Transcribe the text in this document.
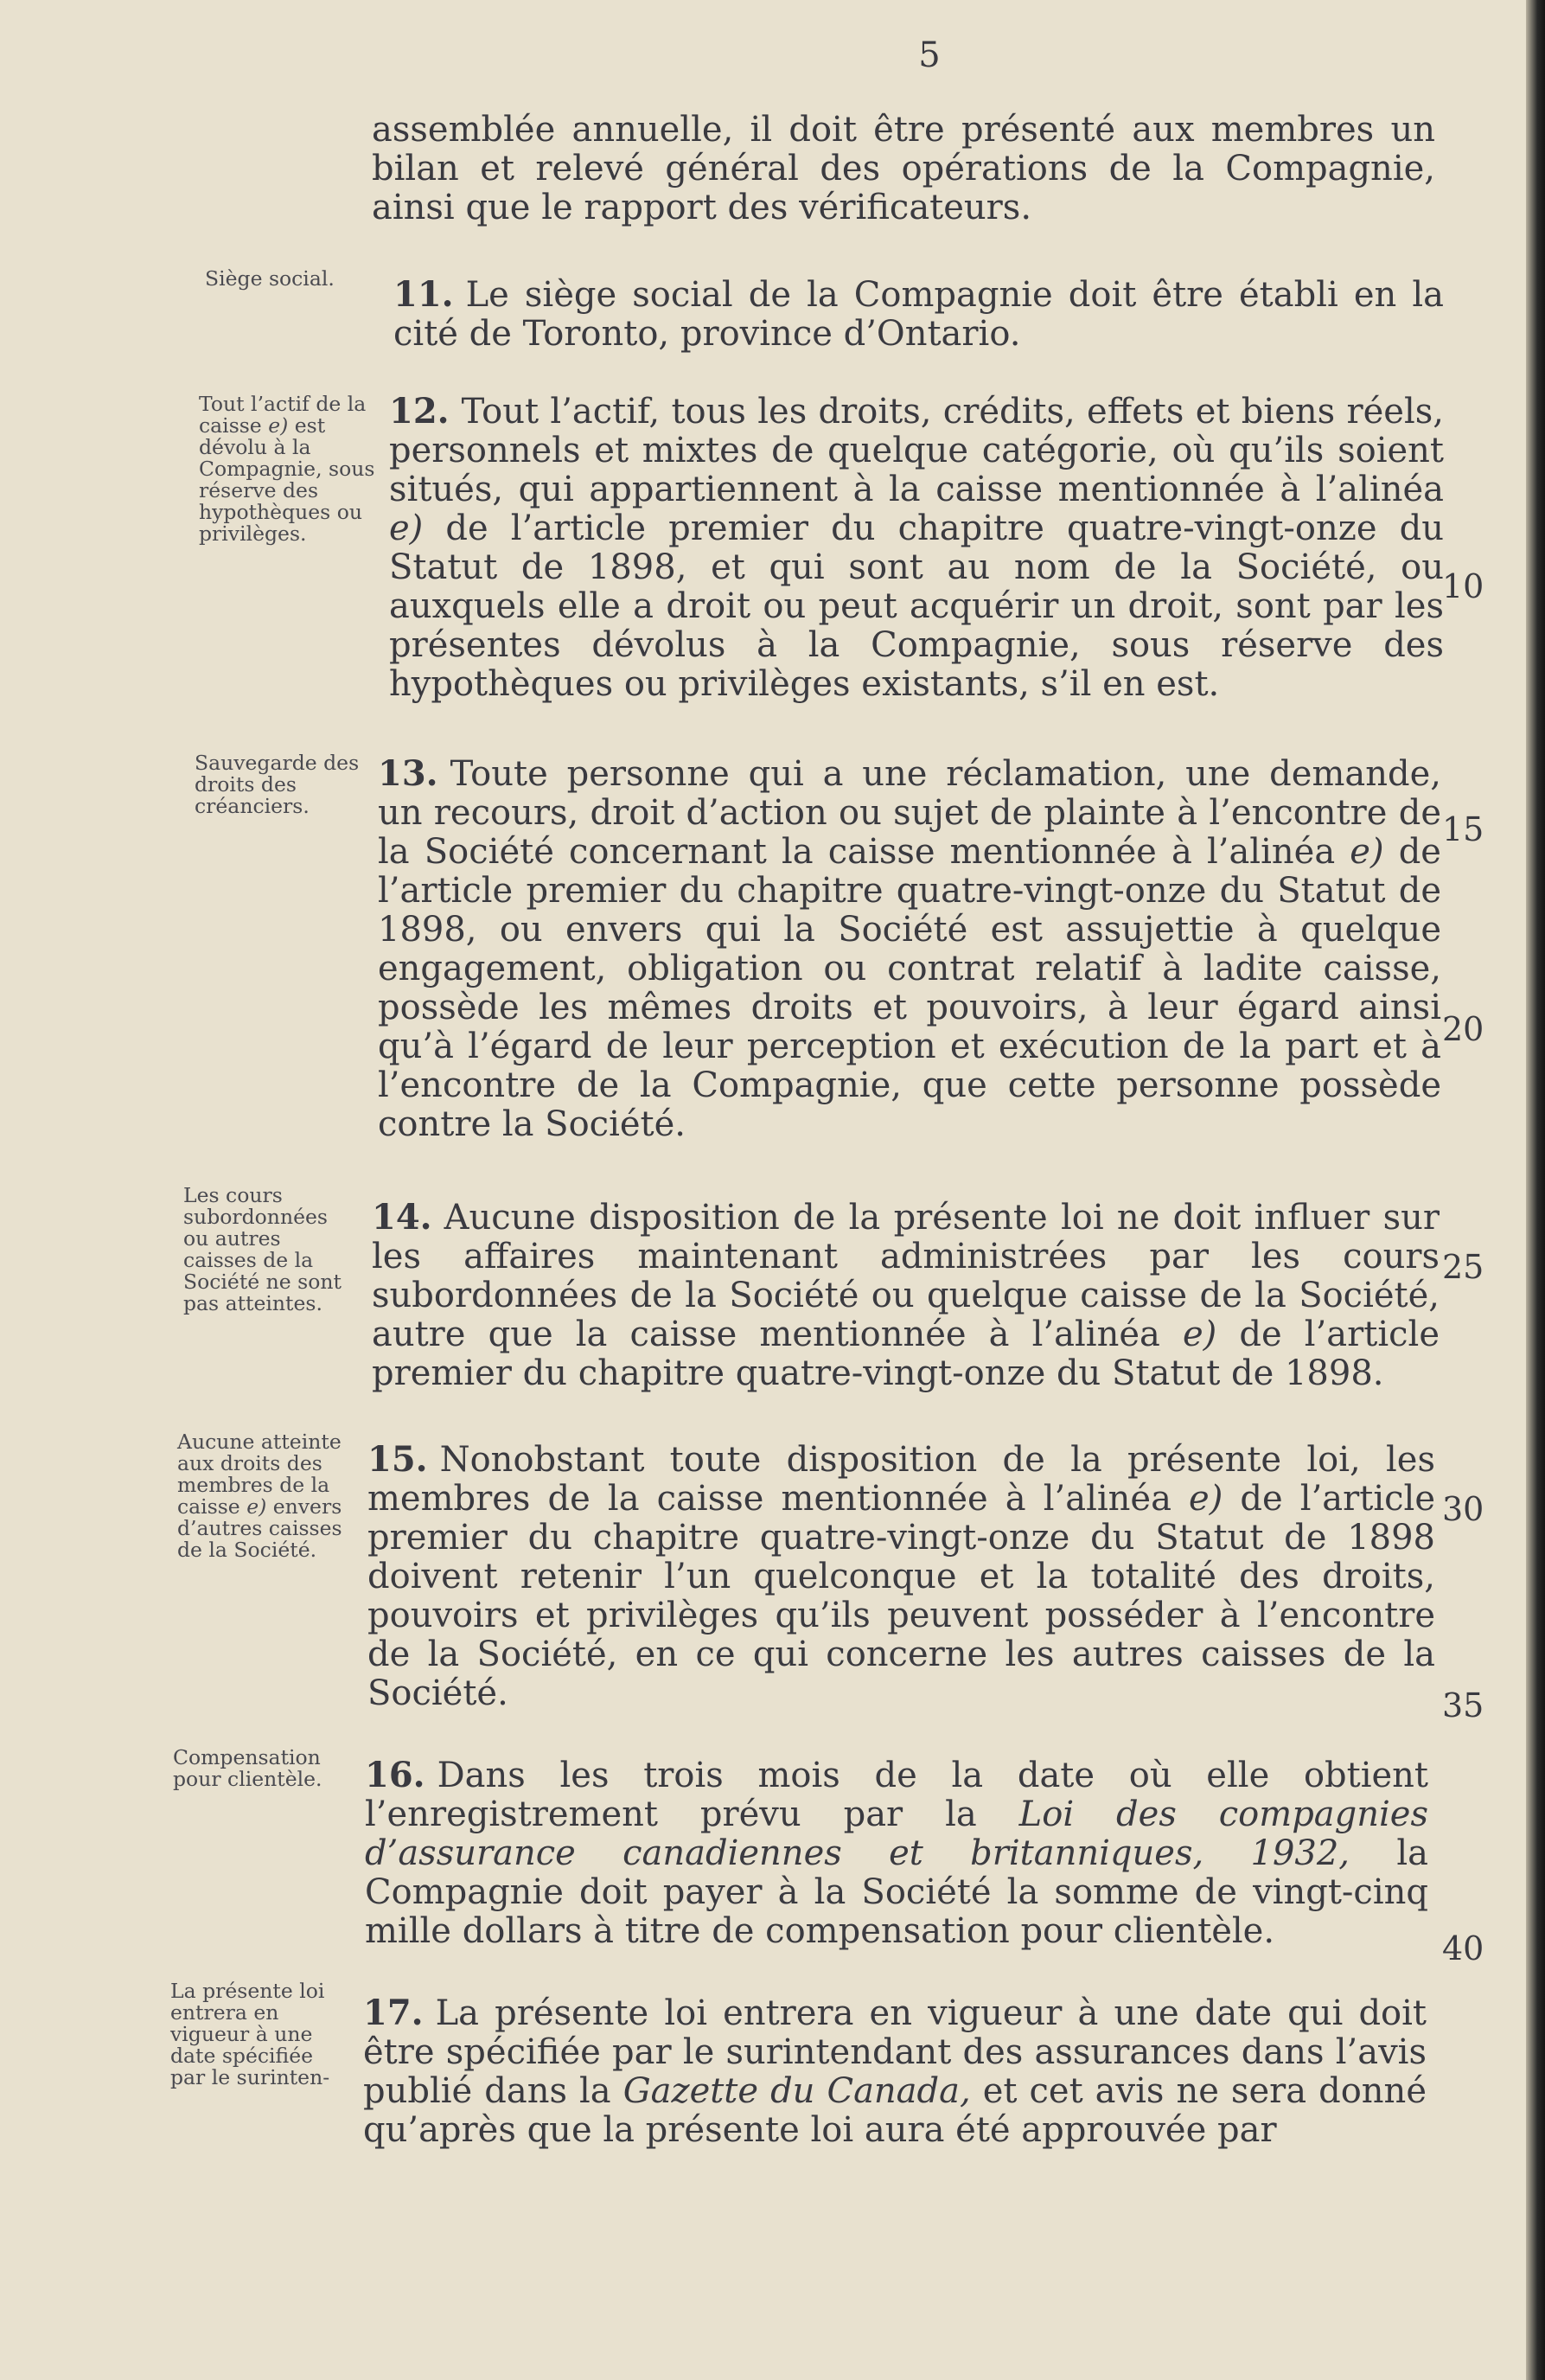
5

assemblée annuelle, il doit être présenté aux membres un bilan et relevé général des opérations de la Compagnie, ainsi que le rapport des vérificateurs.

Siège social.	11. Le siège social de la Compagnie doit être établi en la cité de Toronto, province d’Ontario.

Tout l’actif de la caisse e) est dévolu à la Compagnie, sous réserve des hypothèques ou privilèges.

12. Tout l’actif, tous les droits, crédits, effets et biens réels, personnels et mixtes de quelque catégorie, où qu’ils soient situés, qui appartiennent à la caisse mentionnée à l’alinéa e) de l’article premier du chapitre quatre-vingt-onze du Statut de 1898, et qui sont au nom de la Société, ou auxquels elle a droit ou peut acquérir un droit, sont par les présentes dévolus à la Compagnie, sous réserve des hypothèques ou privilèges existants, s’il en est.

Sauvegarde des droits des créanciers.

13. Toute personne qui a une réclamation, une demande, un recours, droit d’action ou sujet de plainte à l’encontre de la Société concernant la caisse mentionnée à l’alinéa e) de l’article premier du chapitre quatre-vingt-onze du Statut de 1898, ou envers qui la Société est assujettie à quelque engagement, obligation ou contrat relatif à ladite caisse, possède les mêmes droits et pouvoirs, à leur égard ainsi qu’à l’égard de leur perception et exécution de la part et à l’encontre de la Compagnie, que cette personne possède contre la Société.

Les cours subordonnées ou autres caisses de la Société ne sont pas atteintes.

14. Aucune disposition de la présente loi ne doit influer sur les affaires maintenant administrées par les cours subordonnées de la Société ou quelque caisse de la Société, autre que la caisse mentionnée à l’alinéa e) de l’article premier du chapitre quatre-vingt-onze du Statut de 1898.

Aucune atteinte aux droits des membres de la caisse e) envers d’autres caisses de la Société.

15. Nonobstant toute disposition de la présente loi, les membres de la caisse mentionnée à l’alinéa e) de l’article premier du chapitre quatre-vingt-onze du Statut de 1898 doivent retenir l’un quelconque et la totalité des droits, pouvoirs et privilèges qu’ils peuvent posséder à l’encontre de la Société, en ce qui concerne les autres caisses de la Société.

Compensation pour clientèle. 16. Dans les trois mois de la date où elle obtient l’enregistrement prévu par la Loi des compagnies d’assurance canadiennes et britanniques, 1932, la Compagnie doit payer à la Société la somme de vingt-cinq mille dollars à titre de compensation pour clientèle.

La présente loi entrera en vigueur à une date spécifiée par le surinten-

17. La présente loi entrera en vigueur à une date qui doit être spécifiée par le surintendant des assurances dans l’avis publié dans la Gazette du Canada, et cet avis ne sera donné qu’après que la présente loi aura été approuvée par

10
15
20
25
30
35
40
